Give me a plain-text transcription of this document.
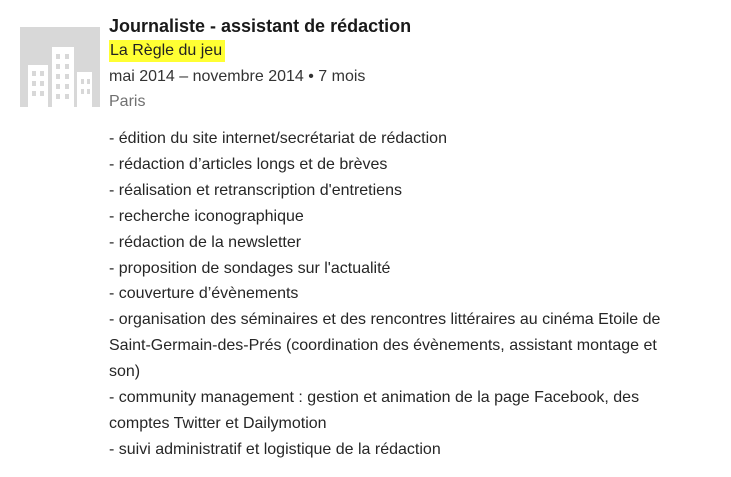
Journaliste - assistant de rédaction
La Règle du jeu
mai 2014 – novembre 2014 • 7 mois
Paris
- édition du site internet/secrétariat de rédaction
- rédaction d’articles longs et de brèves
- réalisation et retranscription d'entretiens
- recherche iconographique
- rédaction de la newsletter
- proposition de sondages sur l'actualité
- couverture d’évènements
- organisation des séminaires et des rencontres littéraires au cinéma Etoile de
Saint-Germain-des-Prés (coordination des évènements, assistant montage et
son)
- community management : gestion et animation de la page Facebook, des
comptes Twitter et Dailymotion
- suivi administratif et logistique de la rédaction
